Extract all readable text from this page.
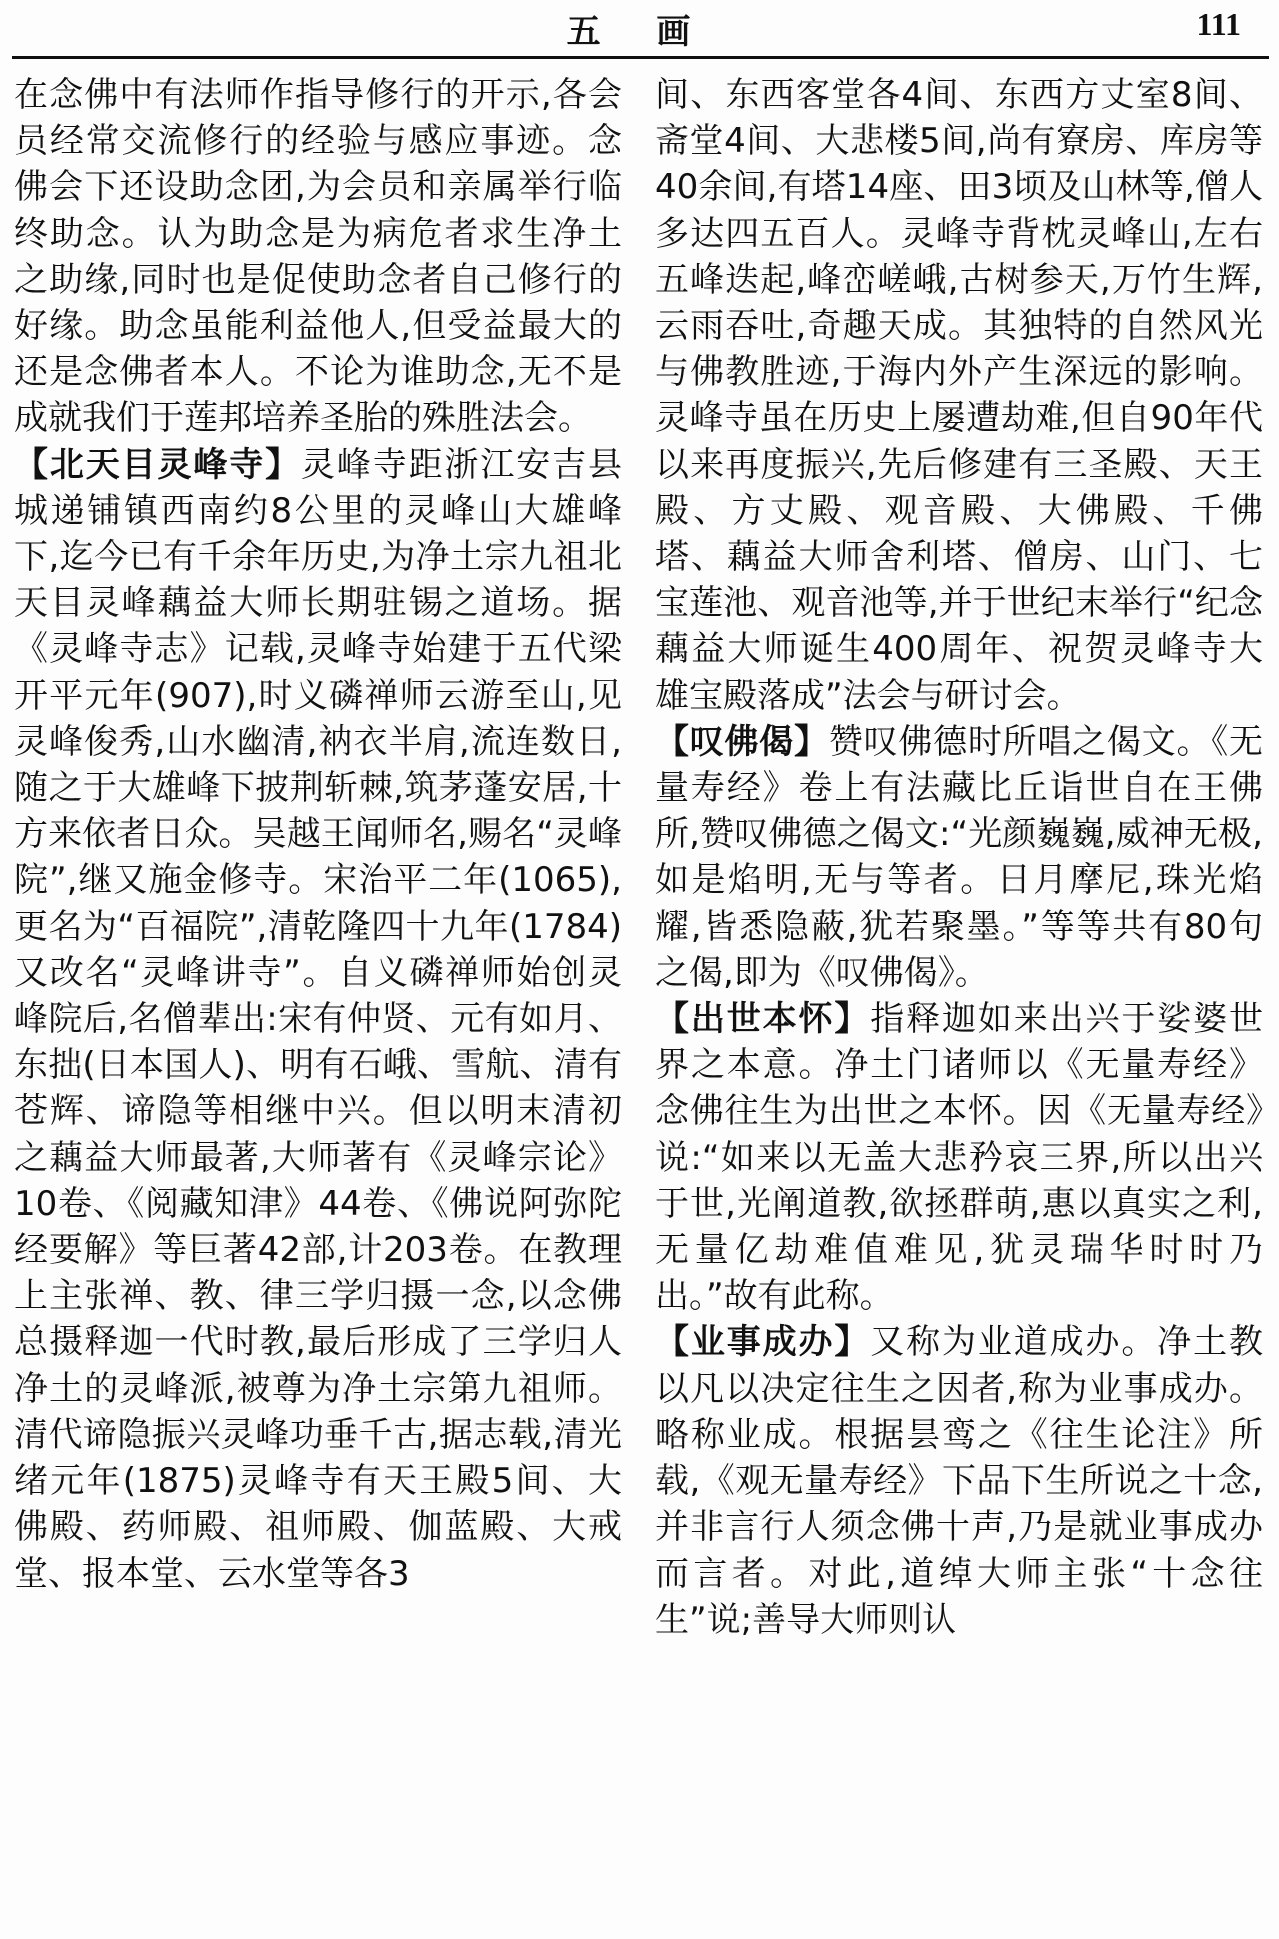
五 画	111

在念佛中有法师作指导修行的开示,各会员经常交流修行的经验与感应事迹。念佛会下还设助念团,为会员和亲属举行临终助念。认为助念是为病危者求生净土之助缘,同时也是促使助念者自己修行的好缘。助念虽能利益他人,但受益最大的还是念佛者本人。不论为谁助念,无不是成就我们于莲邦培养圣胎的殊胜法会。

【北天目灵峰寺】灵峰寺距浙江安吉县城递铺镇西南约8公里的灵峰山大雄峰下,迄今已有千余年历史,为净土宗九祖北天目灵峰藕益大师长期驻锡之道场。据《灵峰寺志》记载,灵峰寺始建于五代梁开平元年(907),时义磷禅师云游至山,见灵峰俊秀,山水幽清,衲衣半肩,流连数日,随之于大雄峰下披荆斩棘,筑茅蓬安居,十方来依者日众。吴越王闻师名,赐名“灵峰院”,继又施金修寺。宋治平二年(1065),更名为“百福院”,清乾隆四十九年(1784)又改名“灵峰讲寺”。自义磷禅师始创灵峰院后,名僧辈出:宋有仲贤、元有如月、东拙(日本国人)、明有石峨、雪航、清有苍辉、谛隐等相继中兴。但以明末清初之藕益大师最著,大师著有《灵峰宗论》10卷、《阅藏知津》44卷、《佛说阿弥陀经要解》等巨著42部,计203卷。在教理上主张禅、教、律三学归摄一念,以念佛总摄释迦一代时教,最后形成了三学归人净土的灵峰派,被尊为净土宗第九祖师。清代谛隐振兴灵峰功垂千古,据志载,清光绪元年(1875)灵峰寺有天王殿5间、大佛殿、药师殿、祖师殿、伽蓝殿、大戒堂、报本堂、云水堂等各3

间、东西客堂各4间、东西方丈室8间、斋堂4间、大悲楼5间,尚有寮房、库房等40余间,有塔14座、田3顷及山林等,僧人多达四五百人。灵峰寺背枕灵峰山,左右五峰迭起,峰峦嵯峨,古树参天,万竹生辉,云雨吞吐,奇趣天成。其独特的自然风光与佛教胜迹,于海内外产生深远的影响。灵峰寺虽在历史上屡遭劫难,但自90年代以来再度振兴,先后修建有三圣殿、天王殿、方丈殿、观音殿、大佛殿、千佛塔、藕益大师舍利塔、僧房、山门、七宝莲池、观音池等,并于世纪末举行“纪念藕益大师诞生400周年、祝贺灵峰寺大雄宝殿落成”法会与研讨会。

【叹佛偈】赞叹佛德时所唱之偈文。《无量寿经》卷上有法藏比丘诣世自在王佛所,赞叹佛德之偈文:“光颜巍巍,威神无极,如是焰明,无与等者。日月摩尼,珠光焰耀,皆悉隐蔽,犹若聚墨。”等等共有80句之偈,即为《叹佛偈》。

【出世本怀】指释迦如来出兴于娑婆世界之本意。净土门诸师以《无量寿经》念佛往生为出世之本怀。因《无量寿经》说:“如来以无盖大悲矜哀三界,所以出兴于世,光阐道教,欲拯群萌,惠以真实之利,无量亿劫难值难见,犹灵瑞华时时乃出。”故有此称。

【业事成办】又称为业道成办。净土教以凡以决定往生之因者,称为业事成办。略称业成。根据昙鸾之《往生论注》所载,《观无量寿经》下品下生所说之十念,并非言行人须念佛十声,乃是就业事成办而言者。对此,道绰大师主张“十念往生”说;善导大师则认
